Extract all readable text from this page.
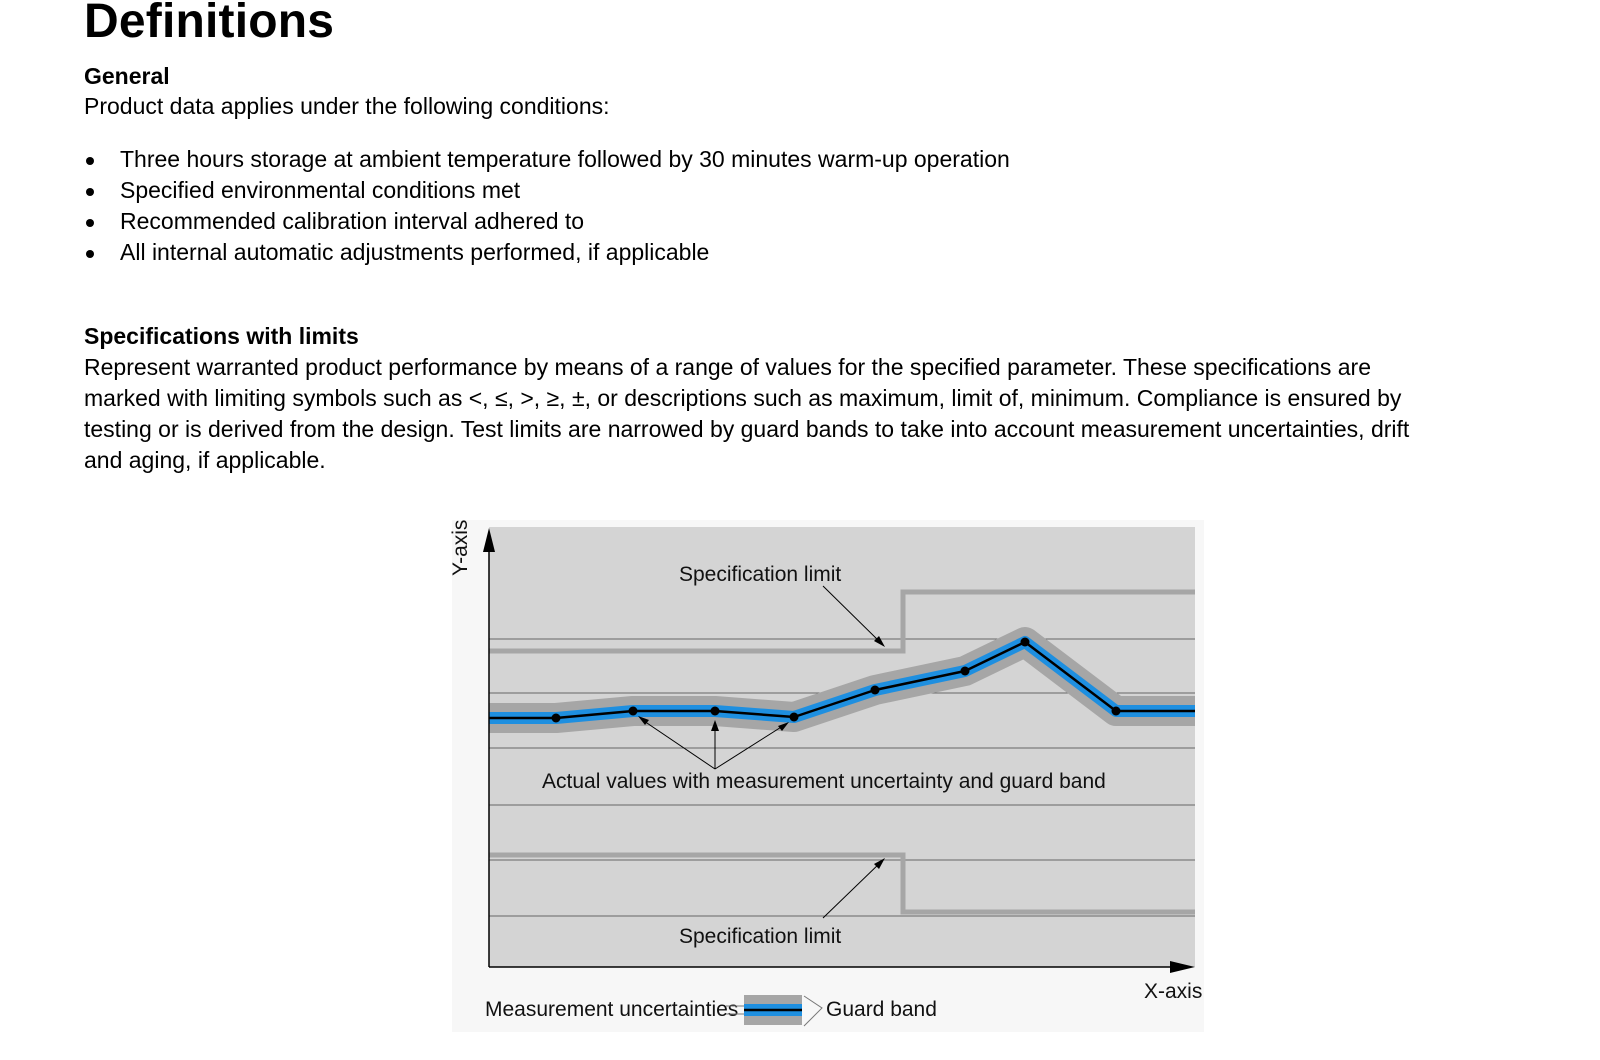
Definitions
General

Product data applies under the following conditions:

Three hours storage at ambient temperature followed by 30 minutes warm-up operation
Specified environmental conditions met
Recommended calibration interval adhered to
All internal automatic adjustments performed, if applicable
Specifications with limits
Represent warranted product performance by means of a range of values for the specified parameter. These specifications are
marked with limiting symbols such as <, ≤, >, ≥, ±, or descriptions such as maximum, limit of, minimum. Compliance is ensured by
testing or is derived from the design. Test limits are narrowed by guard bands to take into account measurement uncertainties, drift
and aging, if applicable.
Y-axis
X-axis
Specification limit
Specification limit
Actual values with measurement uncertainty and guard band
Measurement uncertainties	Guard band
